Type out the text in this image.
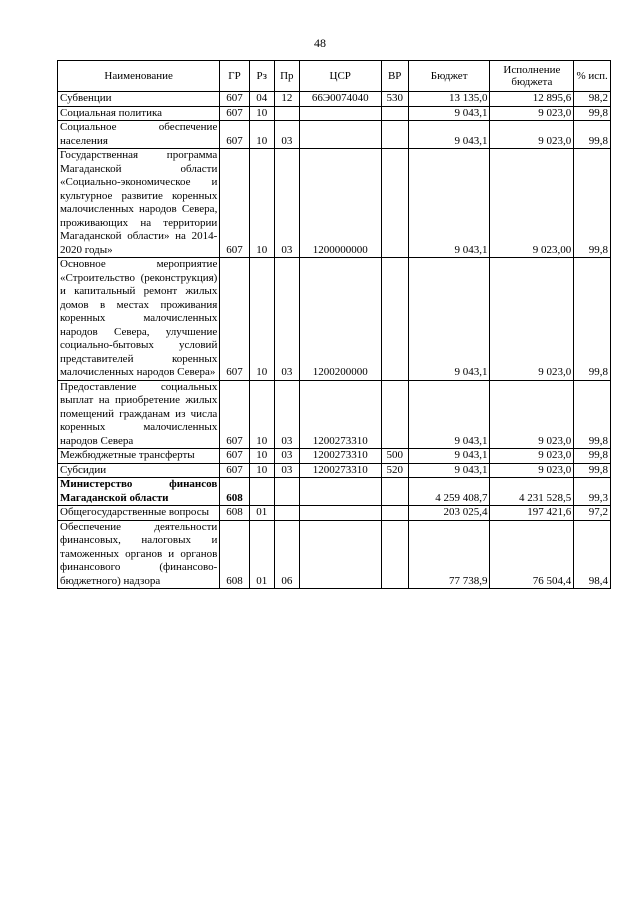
48
Наименование	ГР	Рз	Пр	ЦСР	ВР	Бюджет	Исполнение бюджета	% исп.
Субвенции	607	04	12	66Э0074040	530	13 135,0	12 895,6	98,2
Социальная политика	607	10				9 043,1	9 023,0	99,8
Социальное обеспечение населения	607	10	03			9 043,1	9 023,0	99,8
Государственная программа Магаданской области «Социально-экономическое и культурное развитие коренных малочисленных народов Севера, проживающих на территории Магаданской области» на 2014-2020 годы»	607	10	03	1200000000		9 043,1	9 023,00	99,8
Основное мероприятие «Строительство (реконструкция) и капитальный ремонт жилых домов в местах проживания коренных малочисленных народов Севера, улучшение социально-бытовых условий представителей коренных малочисленных народов Севера»	607	10	03	1200200000		9 043,1	9 023,0	99,8
Предоставление социальных выплат на приобретение жилых помещений гражданам из числа коренных малочисленных народов Севера	607	10	03	1200273310		9 043,1	9 023,0	99,8
Межбюджетные трансферты	607	10	03	1200273310	500	9 043,1	9 023,0	99,8
Субсидии	607	10	03	1200273310	520	9 043,1	9 023,0	99,8
Министерство финансов Магаданской области	608					4 259 408,7	4 231 528,5	99,3
Общегосударственные вопросы	608	01				203 025,4	197 421,6	97,2
Обеспечение деятельности финансовых, налоговых и таможенных органов и органов финансового (финансово-бюджетного) надзора	608	01	06			77 738,9	76 504,4	98,4
